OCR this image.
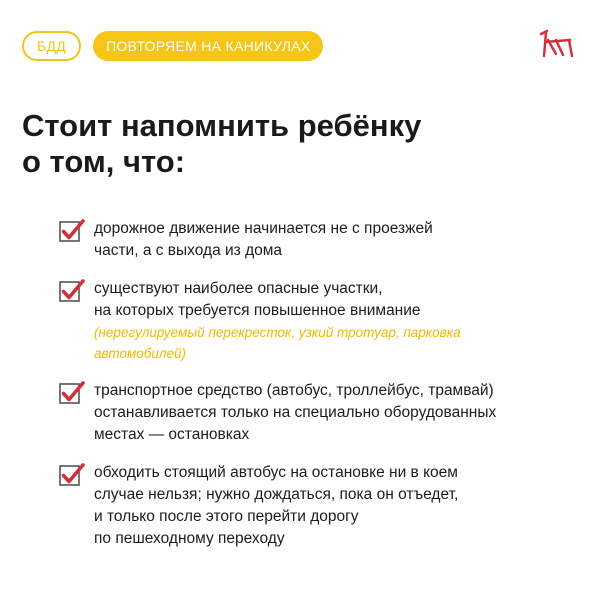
БДД	ПОВТОРЯЕМ НА КАНИКУЛАХ
Стоит напомнить ребёнку
о том, что:
дорожное движение начинается не с проезжей
части, а с выхода из дома
существуют наиболее опасные участки,
на которых требуется повышенное внимание
(нерегулируемый перекресток, узкий тротуар, парковка
автомобилей)
транспортное средство (автобус, троллейбус, трамвай)
останавливается только на специально оборудованных
местах — остановках
обходить стоящий автобус на остановке ни в коем
случае нельзя; нужно дождаться, пока он отъедет,
и только после этого перейти дорогу
по пешеходному переходу
